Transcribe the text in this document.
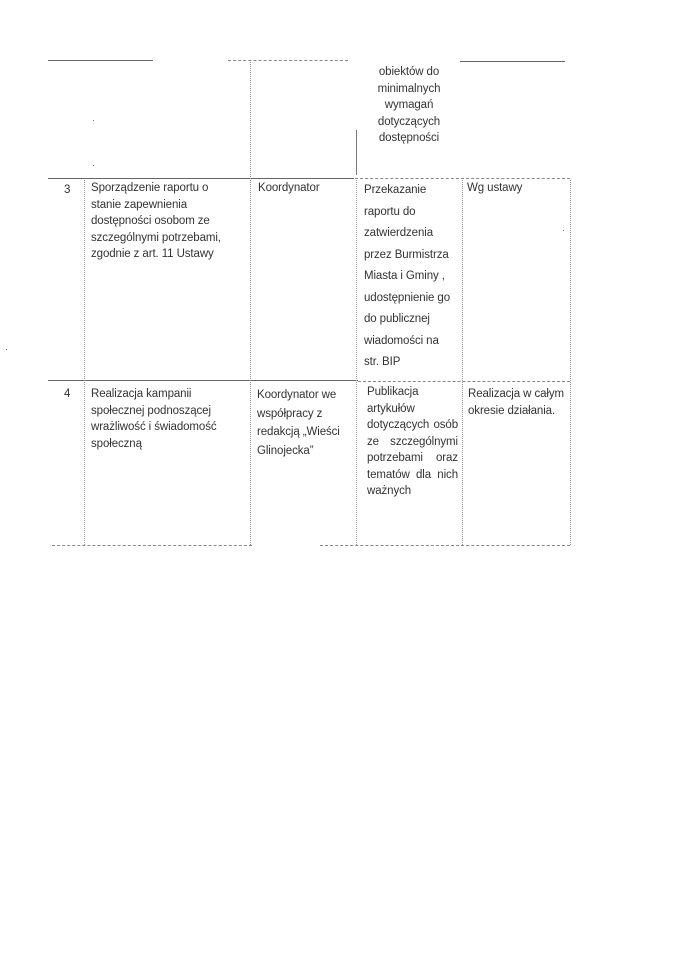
obiektów do minimalnych wymagań dotyczących dostępności
3 Sporządzenie raportu o stanie zapewnienia dostępności osobom ze szczególnymi potrzebami, zgodnie z art. 11 Ustawy
Koordynator	Przekazanie raportu do zatwierdzenia przez Burmistrza Miasta i Gminy , udostępnienie go do publicznej wiadomości na str. BIP
Wg ustawy
4 Realizacja kampanii społecznej podnoszącej wrażliwość i świadomość społeczną
Koordynator we współpracy z redakcją „Wieści Glinojecka”
Publikacja artykułów dotyczących osób ze szczególnymi potrzebami oraz tematów dla nich ważnych
Realizacja w całym okresie działania.
